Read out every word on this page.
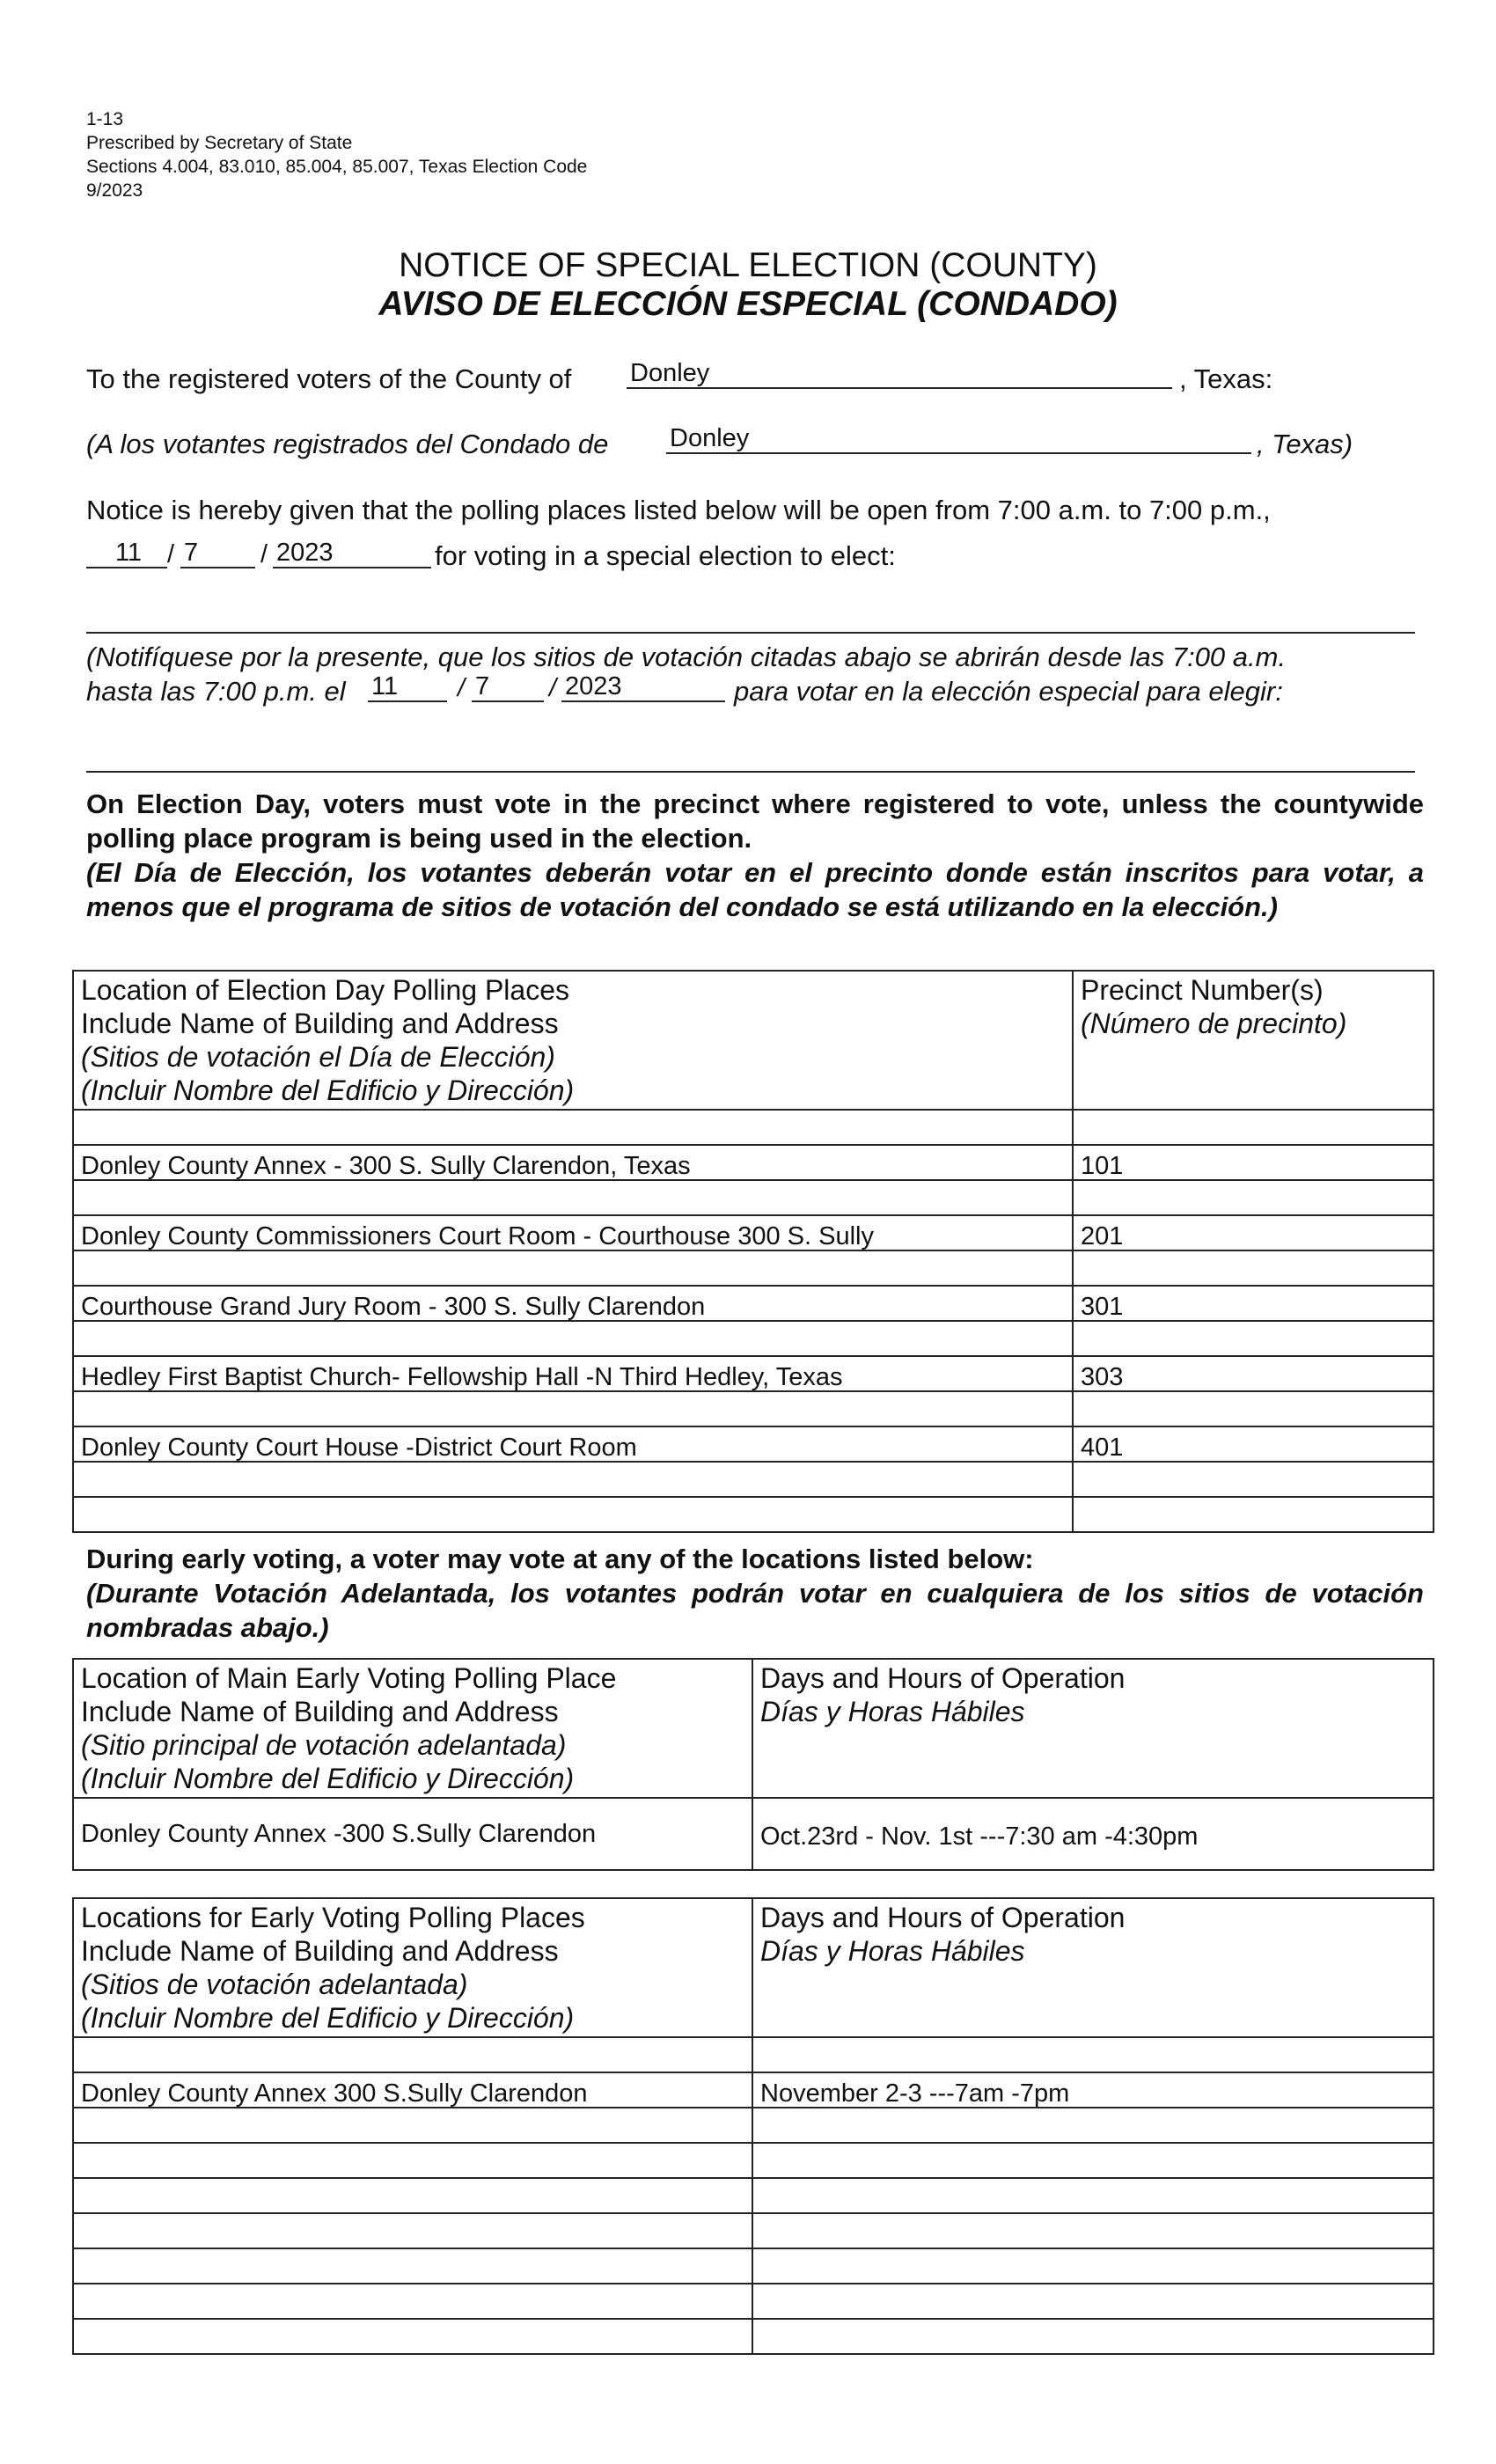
1-13
Prescribed by Secretary of State
Sections 4.004, 83.010, 85.004, 85.007, Texas Election Code
9/2023
NOTICE OF SPECIAL ELECTION (COUNTY)
AVISO DE ELECCIÓN ESPECIAL (CONDADO)
To the registered voters of the County of Donley	, Texas:
(A los votantes registrados del Condado de Donley	, Texas)
Notice is hereby given that the polling places listed below will be open from 7:00 a.m. to 7:00 p.m.,
11 / 7	/ 2023	for voting in a special election to elect:
(Notifíquese por la presente, que los sitios de votación citadas abajo se abrirán desde las 7:00 a.m.
hasta las 7:00 p.m. el 11	/ 7	/ 2023	para votar en la elección especial para elegir:
On Election Day, voters must vote in the precinct where registered to vote, unless the countywide polling place program is being used in the election.
(El Día de Elección, los votantes deberán votar en el precinto donde están inscritos para votar, a menos que el programa de sitios de votación del condado se está utilizando en la elección.)
Location of Election Day Polling Places
Include Name of Building and Address
(Sitios de votación el Día de Elección)
(Incluir Nombre del Edificio y Dirección)	Precinct Number(s)
(Número de precinto)

Donley County Annex - 300 S. Sully Clarendon, Texas	101

Donley County Commissioners Court Room - Courthouse 300 S. Sully	201

Courthouse Grand Jury Room - 300 S. Sully Clarendon	301

Hedley First Baptist Church- Fellowship Hall -N Third Hedley, Texas	303

Donley County Court House -District Court Room	401

During early voting, a voter may vote at any of the locations listed below:
(Durante Votación Adelantada, los votantes podrán votar en cualquiera de los sitios de votación nombradas abajo.)
Location of Main Early Voting Polling Place
Include Name of Building and Address
(Sitio principal de votación adelantada)
(Incluir Nombre del Edificio y Dirección)	Days and Hours of Operation
Días y Horas Hábiles

Donley County Annex -300 S.Sully Clarendon	Oct.23rd - Nov. 1st ---7:30 am -4:30pm
Locations for Early Voting Polling Places
Include Name of Building and Address
(Sitios de votación adelantada)
(Incluir Nombre del Edificio y Dirección)	Days and Hours of Operation
Días y Horas Hábiles

Donley County Annex 300 S.Sully Clarendon	November 2-3 ---7am -7pm
